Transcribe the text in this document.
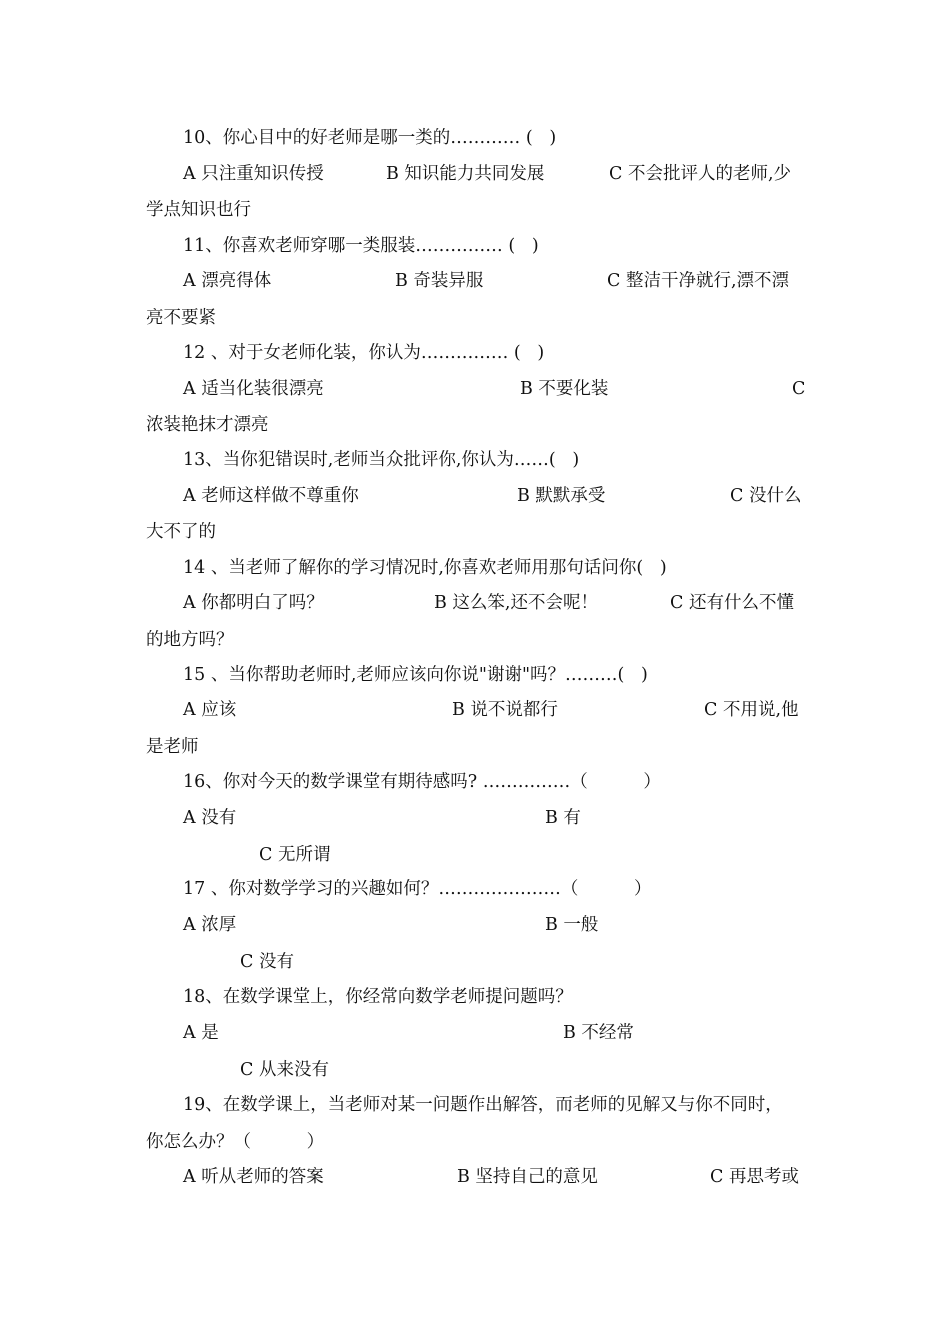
10、你心目中的好老师是哪一类的………… (   )
A 只注重知识传授	B 知识能力共同发展	C 不会批评人的老师,少
学点知识也行
11、你喜欢老师穿哪一类服装…………… (   )
A 漂亮得体	B 奇装异服	C 整洁干净就行,漂不漂
亮不要紧
12 、对于女老师化装，你认为…………… (   )
A 适当化装很漂亮	B 不要化装	C
浓装艳抹才漂亮
13、当你犯错误时,老师当众批评你,你认为……(   )
A 老师这样做不尊重你	B 默默承受	C 没什么
大不了的
14 、当老师了解你的学习情况时,你喜欢老师用那句话问你(   )
A 你都明白了吗？	B 这么笨,还不会呢！	C 还有什么不懂
的地方吗？
15 、当你帮助老师时,老师应该向你说"谢谢"吗？………(   )
A 应该	B 说不说都行	C 不用说,他
是老师
16、你对今天的数学课堂有期待感吗? ……………（          ）
A 没有	B 有
C 无所谓
17 、你对数学学习的兴趣如何？…………………（          ）
A 浓厚	B 一般
C 没有
18、在数学课堂上，你经常向数学老师提问题吗？
A 是	B 不经常
C 从来没有
19、在数学课上，当老师对某一问题作出解答，而老师的见解又与你不同时，
你怎么办？（          ）
A 听从老师的答案	B 坚持自己的意见	C 再思考或
